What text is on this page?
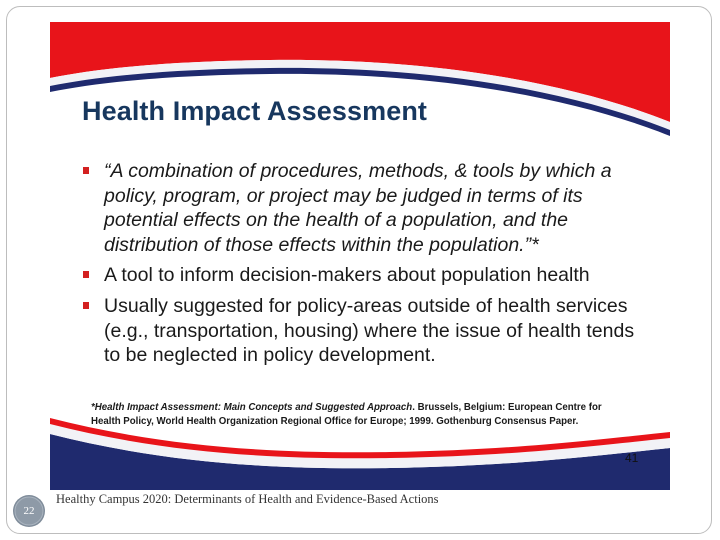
Health Impact Assessment
“A combination of procedures, methods, & tools by which a policy, program, or project may be judged in terms of its potential effects on the health of a population, and the distribution of those effects within the population.”*
A tool to inform decision-makers about population health
Usually suggested for policy-areas outside of health services (e.g., transportation, housing) where the issue of health tends to be neglected in policy development.

*Health Impact Assessment: Main Concepts and Suggested Approach. Brussels, Belgium: European Centre for Health Policy, World Health Organization Regional Office for Europe; 1999. Gothenburg Consensus Paper.

41
22
Healthy Campus 2020: Determinants of Health and Evidence-Based Actions
